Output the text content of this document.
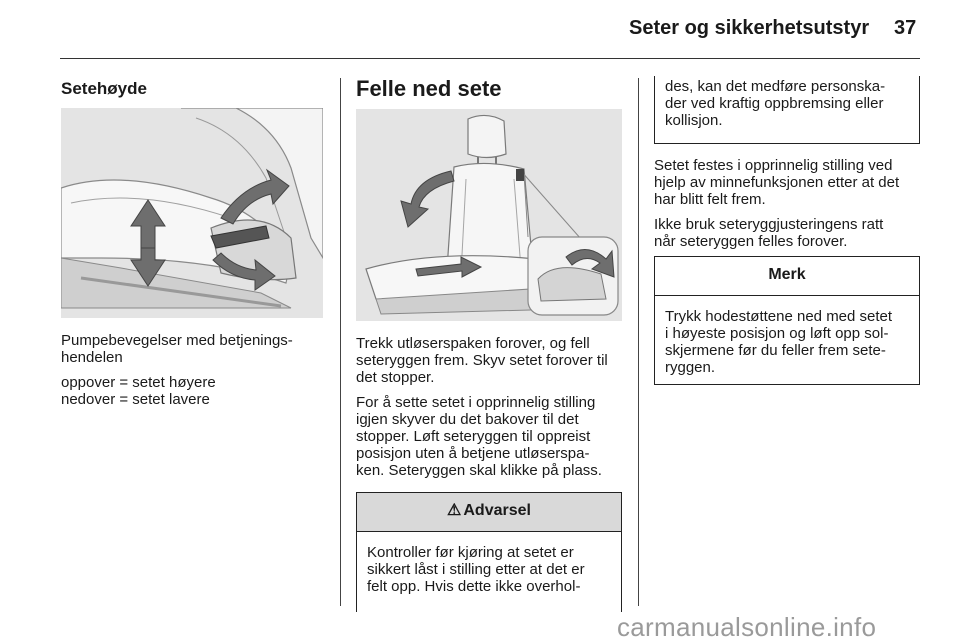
Seter og sikkerhetsutstyr 37
Setehøyde

Pumpebevegelser med betjenings-
hendelen

oppover = setet høyere
nedover = setet lavere

Felle ned sete

Trekk utløserspaken forover, og fell
seteryggen frem. Skyv setet forover til
det stopper.

For å sette setet i opprinnelig stilling
igjen skyver du det bakover til det
stopper. Løft seteryggen til oppreist
posisjon uten å betjene utløserspa-
ken. Seteryggen skal klikke på plass.

⚠ Advarsel
Kontroller før kjøring at setet er
sikkert låst i stilling etter at det er
felt opp. Hvis dette ikke overhol-
des, kan det medføre personska-
der ved kraftig oppbremsing eller
kollisjon.

Setet festes i opprinnelig stilling ved
hjelp av minnefunksjonen etter at det
har blitt felt frem.

Ikke bruk seteryggjusteringens ratt
når seteryggen felles forover.

Merk
Trykk hodestøttene ned med setet
i høyeste posisjon og løft opp sol-
skjermene før du feller frem sete-
ryggen.
carmanualsonline.info
